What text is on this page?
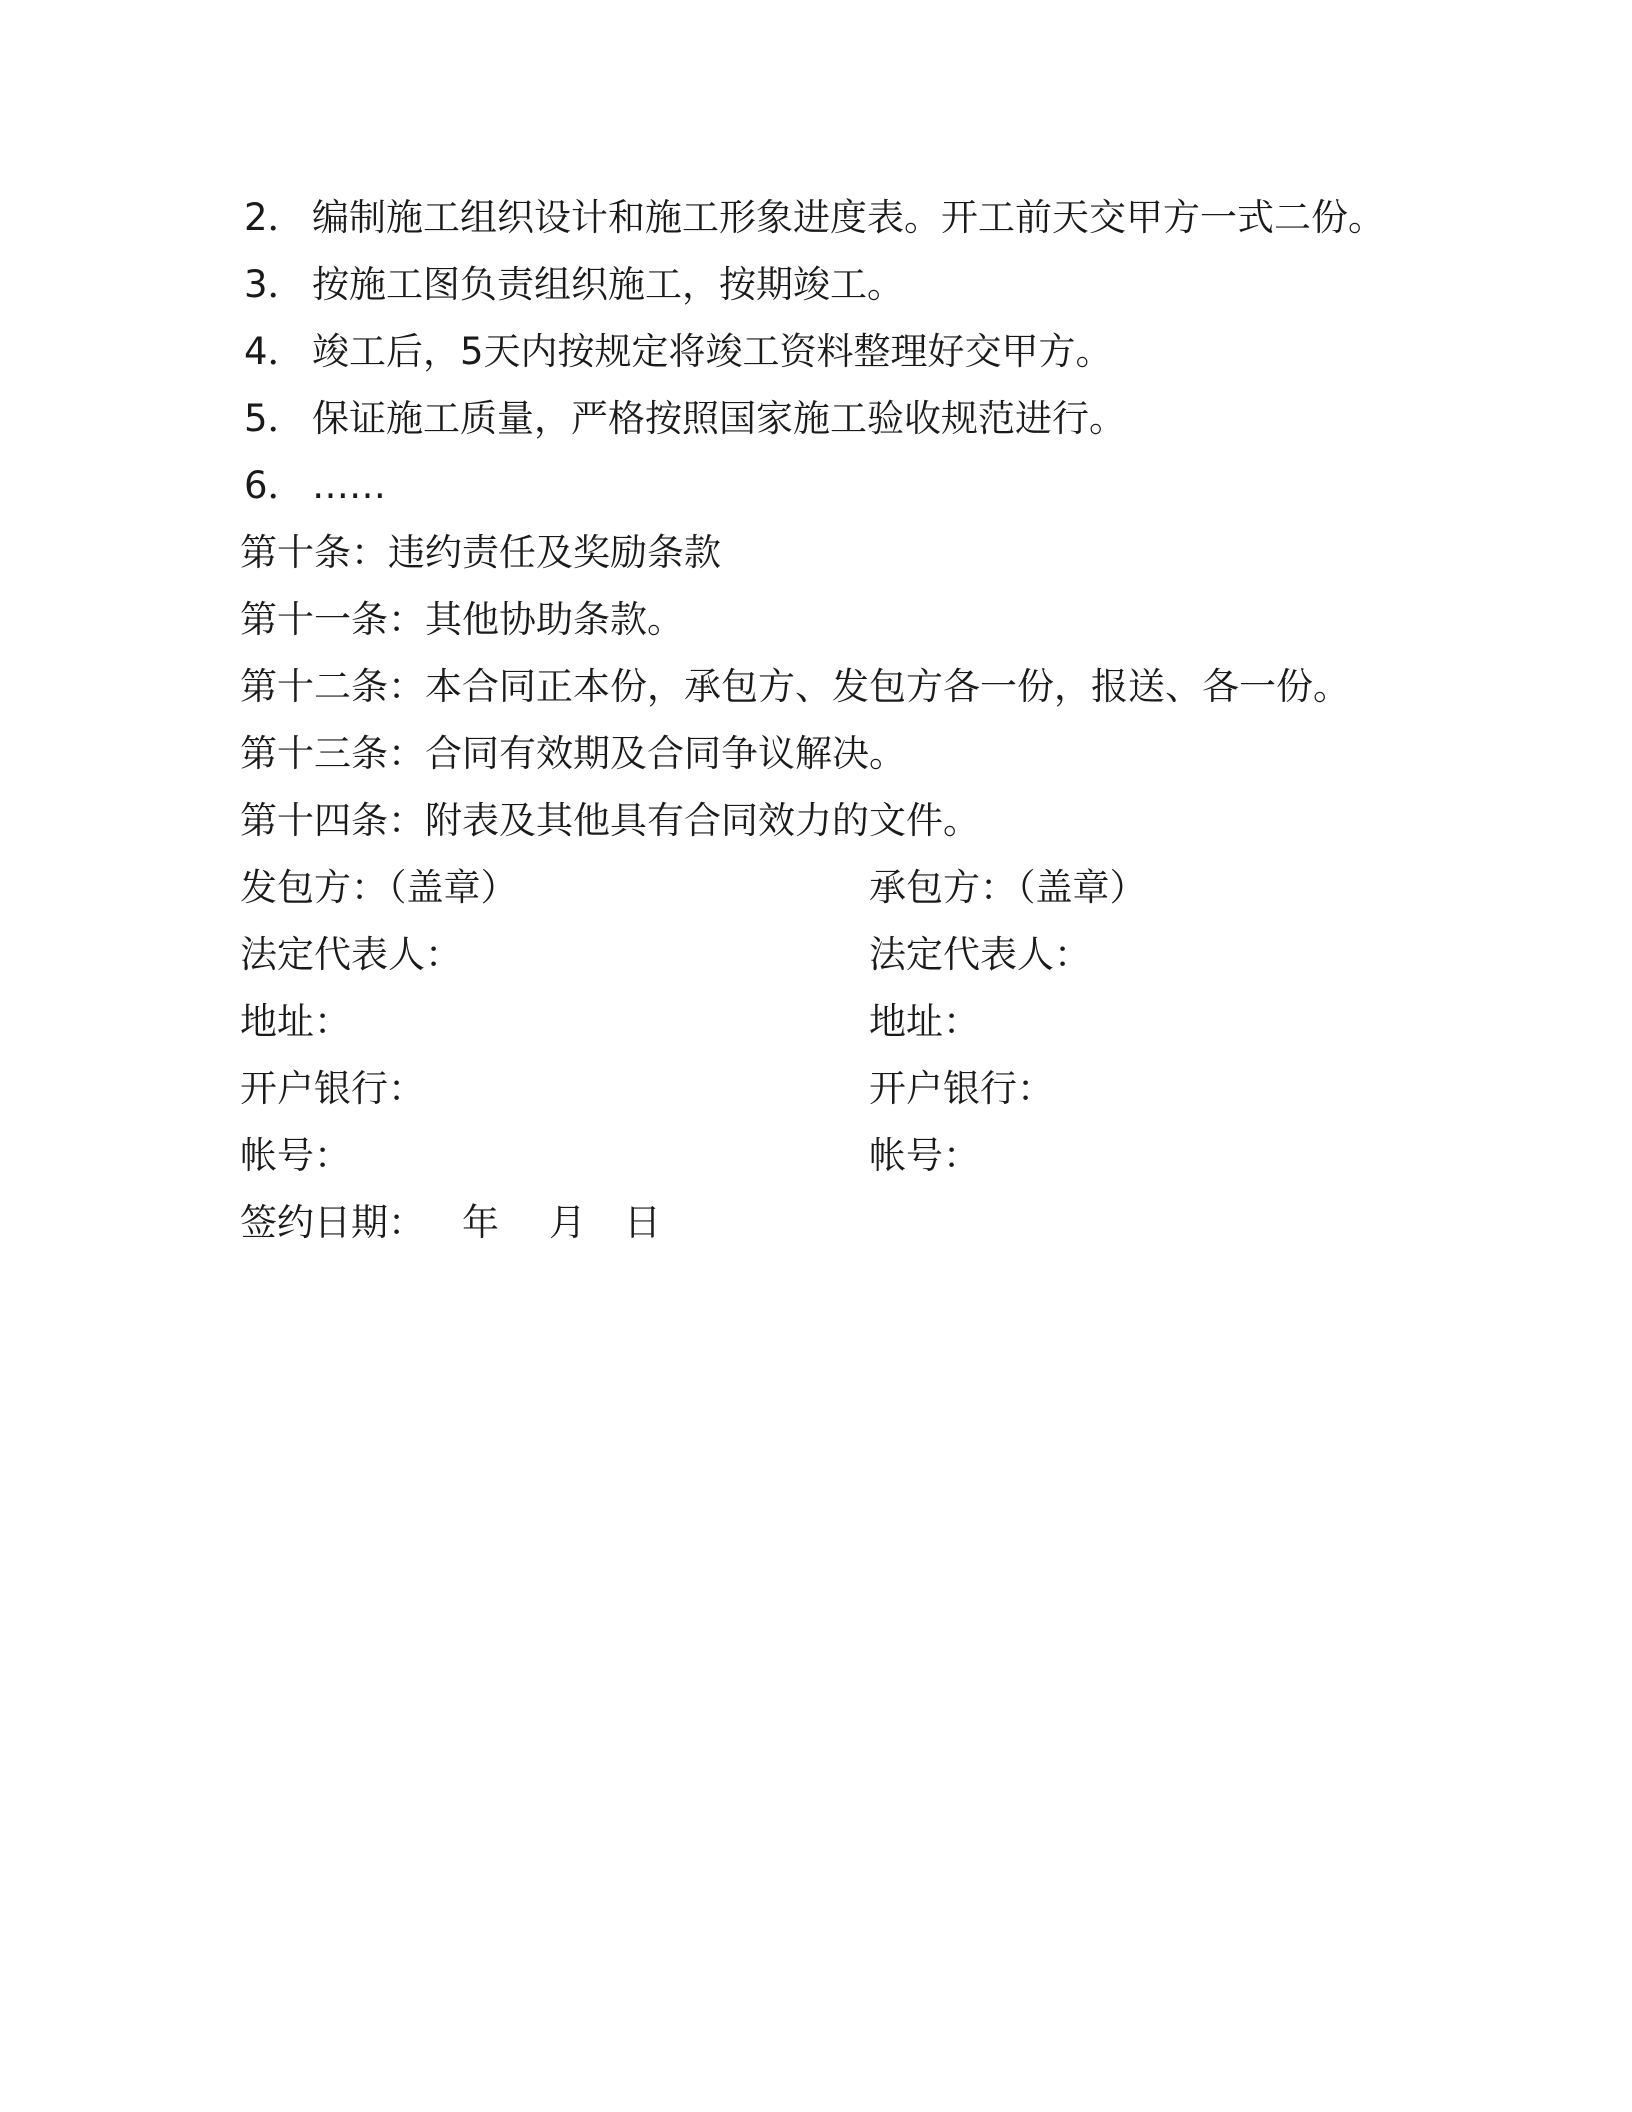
2． 编制施工组织设计和施工形象进度表。开工前天交甲方一式二份。
3． 按施工图负责组织施工，按期竣工。
4． 竣工后，5天内按规定将竣工资料整理好交甲方。
5． 保证施工质量，严格按照国家施工验收规范进行。
6． ……
第十条：违约责任及奖励条款
第十一条：其他协助条款。
第十二条：本合同正本份，承包方、发包方各一份，报送、各一份。
第十三条：合同有效期及合同争议解决。
第十四条：附表及其他具有合同效力的文件。
发包方：（盖章）
法定代表人：
地址：
开户银行：
帐号：
承包方：（盖章）
法定代表人：
地址：
开户银行：
帐号：
签约日期： 年 月 日
